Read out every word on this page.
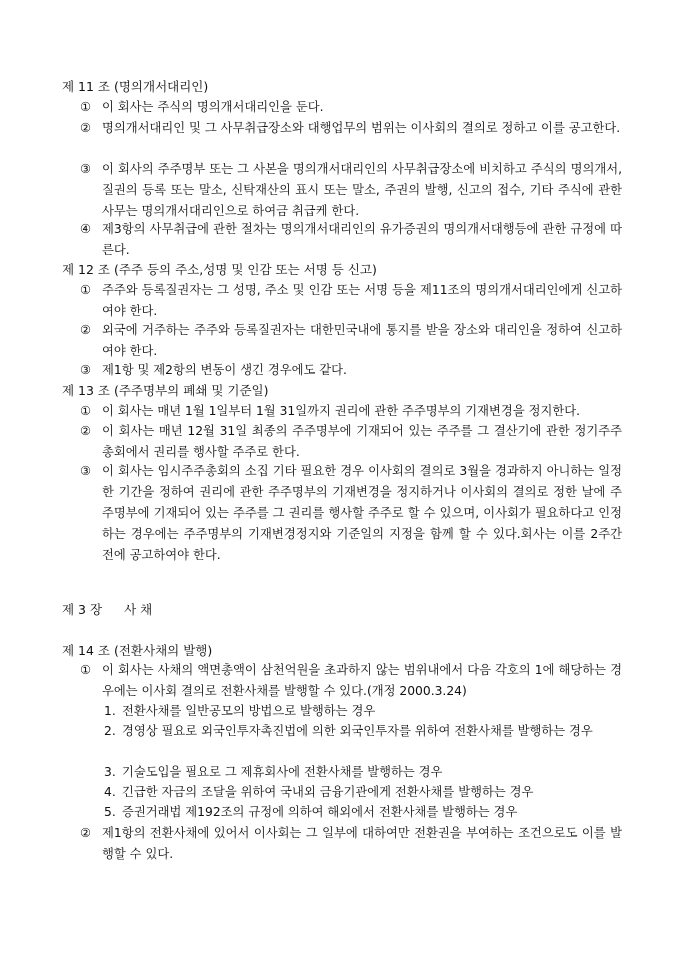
제 11 조 (명의개서대리인)
① 이 회사는 주식의 명의개서대리인을 둔다.
② 명의개서대리인 및 그 사무취급장소와 대행업무의 범위는 이사회의 결의로 정하고 이를 공고한다.
③ 이 회사의 주주명부 또는 그 사본을 명의개서대리인의 사무취급장소에 비치하고 주식의 명의개서, 질권의 등록 또는 말소, 신탁재산의 표시 또는 말소, 주권의 발행, 신고의 접수, 기타 주식에 관한 사무는 명의개서대리인으로 하여금 취급케 한다.
④ 제3항의 사무취급에 관한 절차는 명의개서대리인의 유가증권의 명의개서대행등에 관한 규정에 따른다.
제 12 조 (주주 등의 주소,성명 및 인감 또는 서명 등 신고)
① 주주와 등록질권자는 그 성명, 주소 및 인감 또는 서명 등을 제11조의 명의개서대리인에게 신고하여야 한다.
② 외국에 거주하는 주주와 등록질권자는 대한민국내에 통지를 받을 장소와 대리인을 정하여 신고하여야 한다.
③ 제1항 및 제2항의 변동이 생긴 경우에도 같다.
제 13 조 (주주명부의 폐쇄 및 기준일)
① 이 회사는 매년 1월 1일부터 1월 31일까지 권리에 관한 주주명부의 기재변경을 정지한다.
② 이 회사는 매년 12월 31일 최종의 주주명부에 기재되어 있는 주주를 그 결산기에 관한 정기주주총회에서 권리를 행사할 주주로 한다.
③ 이 회사는 임시주주총회의 소집 기타 필요한 경우 이사회의 결의로 3월을 경과하지 아니하는 일정한 기간을 정하여 권리에 관한 주주명부의 기재변경을 정지하거나 이사회의 결의로 정한 날에 주주명부에 기재되어 있는 주주를 그 권리를 행사할 주주로 할 수 있으며, 이사회가 필요하다고 인정하는 경우에는 주주명부의 기재변경정지와 기준일의 지정을 함께 할 수 있다.회사는 이를 2주간 전에 공고하여야 한다.
제 3 장 사 채
제 14 조 (전환사채의 발행)
① 이 회사는 사채의 액면총액이 삼천억원을 초과하지 않는 범위내에서 다음 각호의 1에 해당하는 경우에는 이사회 결의로 전환사채를 발행할 수 있다.(개정 2000.3.24)
1. 전환사채를 일반공모의 방법으로 발행하는 경우
2. 경영상 필요로 외국인투자촉진법에 의한 외국인투자를 위하여 전환사채를 발행하는 경우
3. 기술도입을 필요로 그 제휴회사에 전환사채를 발행하는 경우
4. 긴급한 자금의 조달을 위하여 국내외 금융기관에게 전환사채를 발행하는 경우
5. 증권거래법 제192조의 규정에 의하여 해외에서 전환사채를 발행하는 경우
② 제1항의 전환사채에 있어서 이사회는 그 일부에 대하여만 전환권을 부여하는 조건으로도 이를 발행할 수 있다.
